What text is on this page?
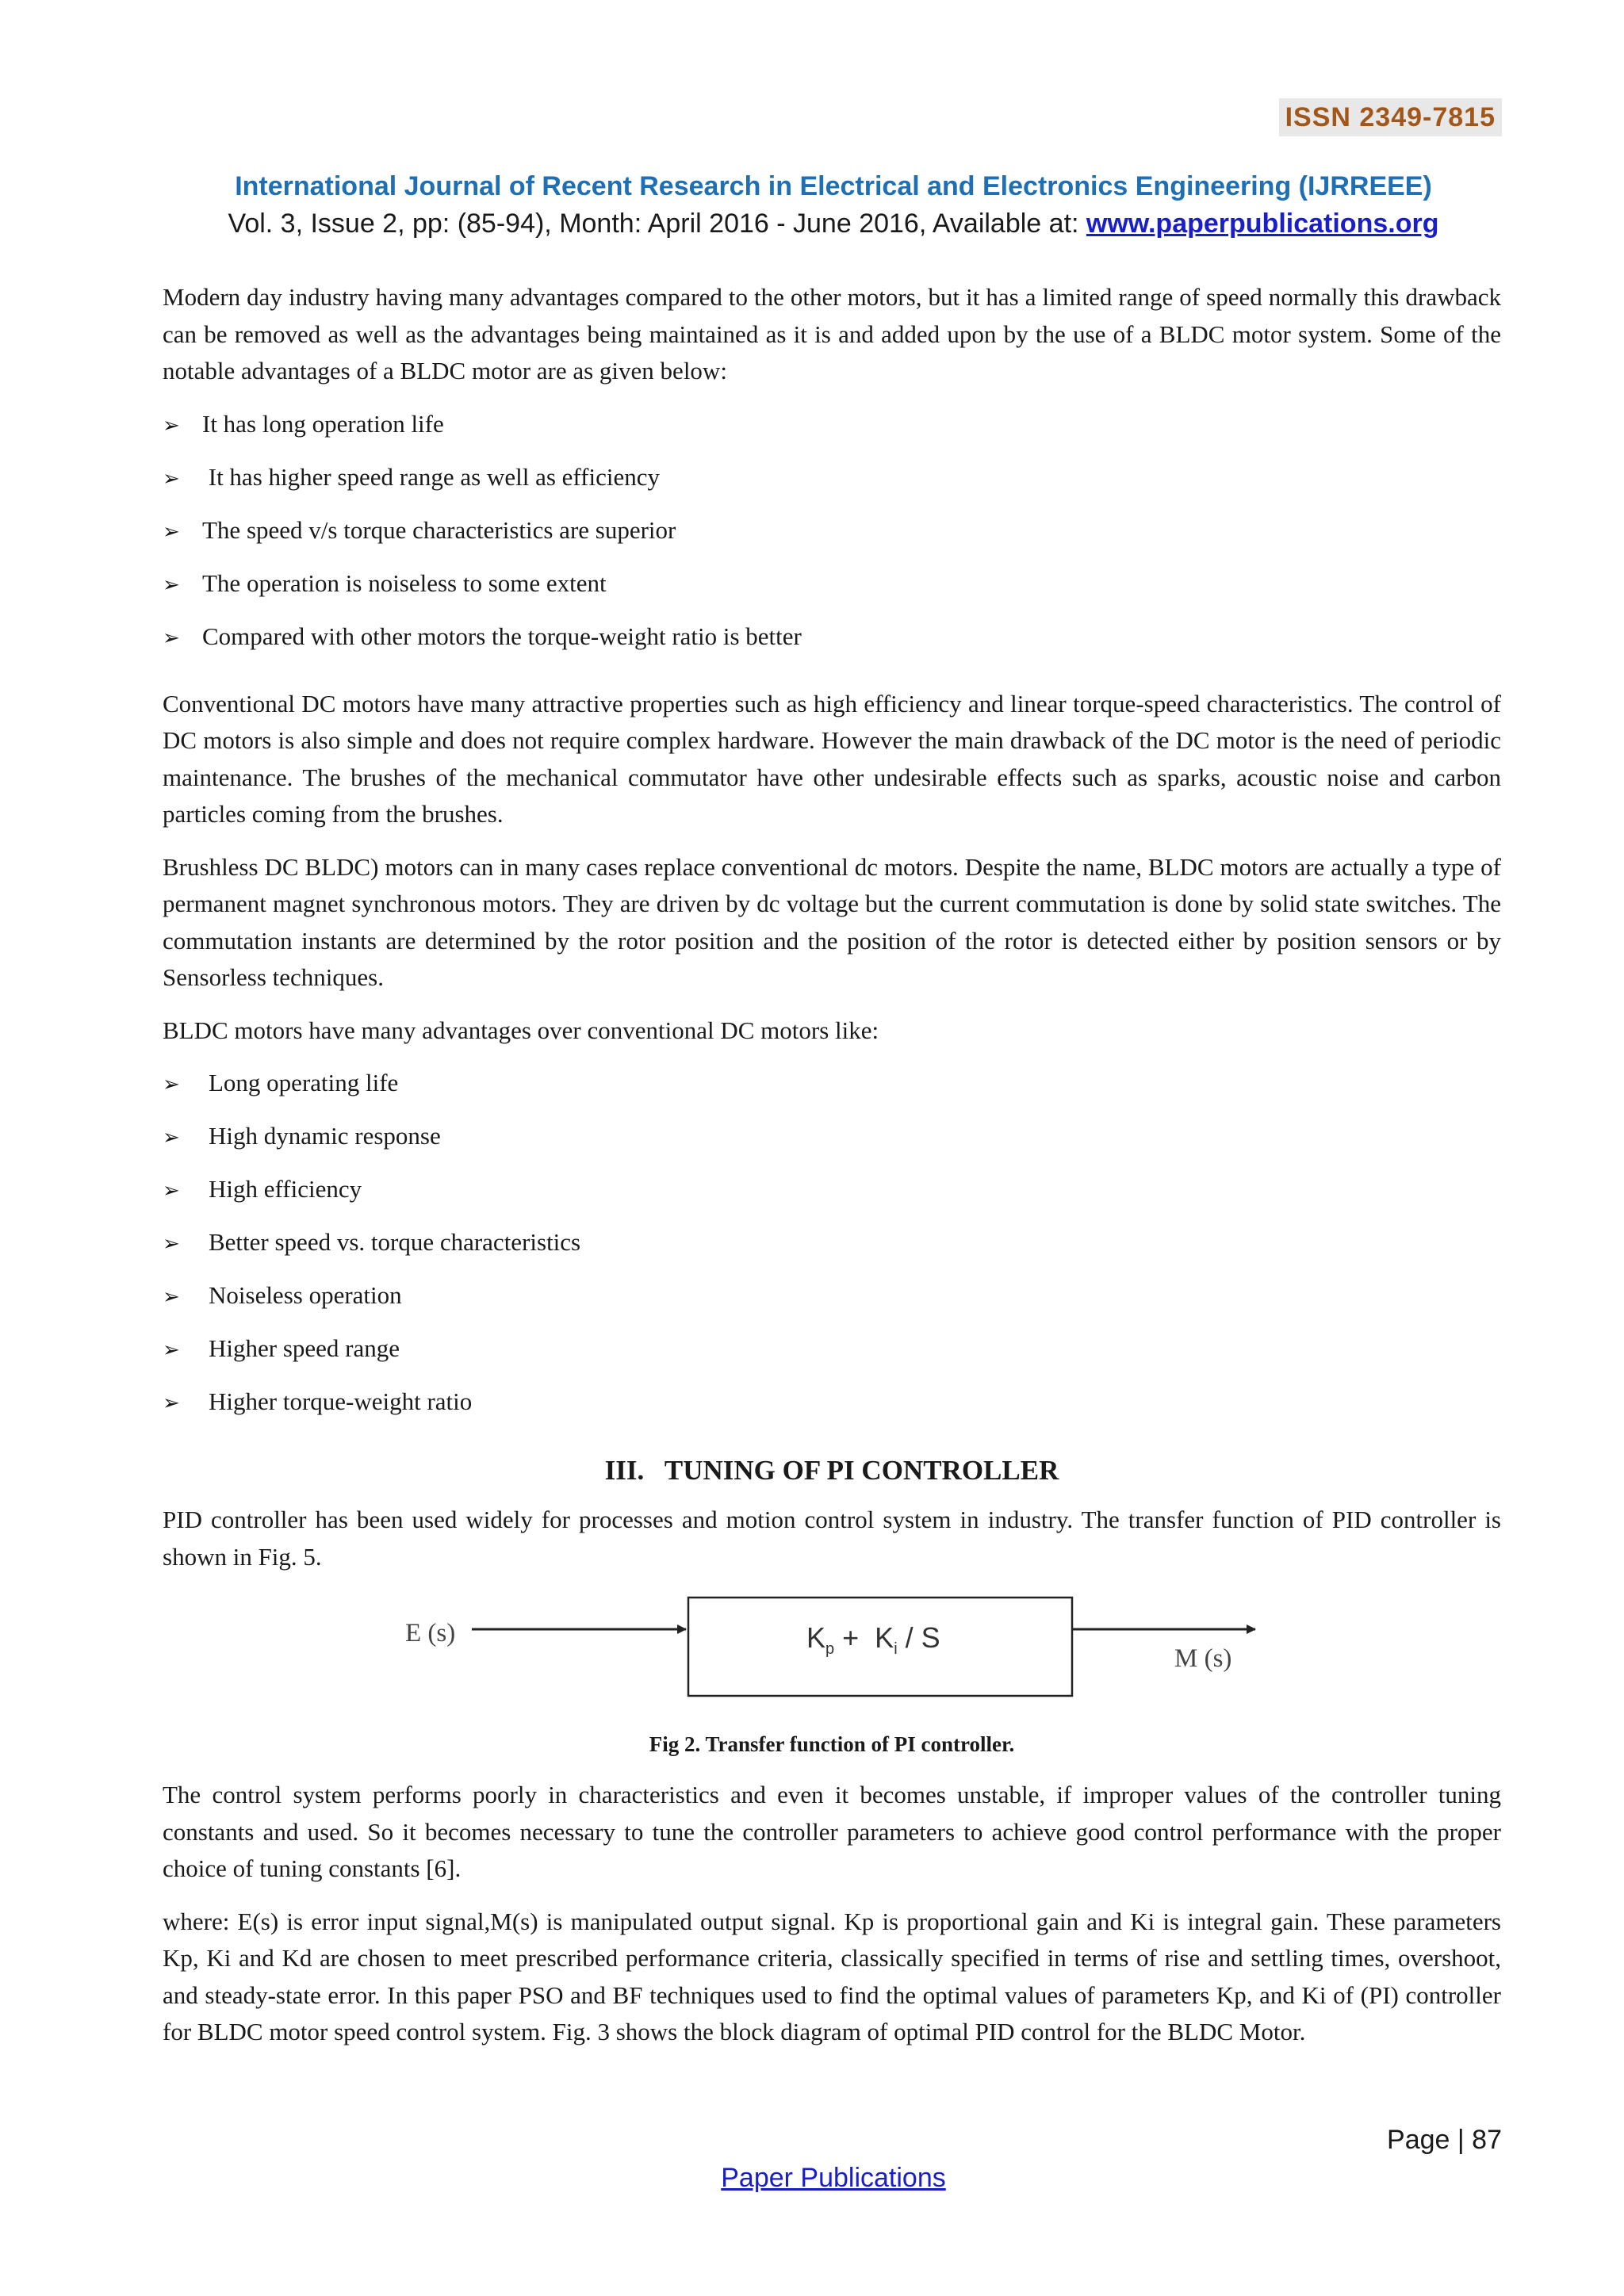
ISSN 2349-7815
International Journal of Recent Research in Electrical and Electronics Engineering (IJRREEE)
Vol. 3, Issue 2, pp: (85-94), Month: April 2016 - June 2016, Available at: www.paperpublications.org

Modern day industry having many advantages compared to the other motors, but it has a limited range of speed normally this drawback can be removed as well as the advantages being maintained as it is and added upon by the use of a BLDC motor system. Some of the notable advantages of a BLDC motor are as given below:

➢ It has long operation life
➢ It has higher speed range as well as efficiency
➢ The speed v/s torque characteristics are superior
➢ The operation is noiseless to some extent
➢ Compared with other motors the torque-weight ratio is better

Conventional DC motors have many attractive properties such as high efficiency and linear torque-speed characteristics. The control of DC motors is also simple and does not require complex hardware. However the main drawback of the DC motor is the need of periodic maintenance. The brushes of the mechanical commutator have other undesirable effects such as sparks, acoustic noise and carbon particles coming from the brushes.

Brushless DC BLDC) motors can in many cases replace conventional dc motors. Despite the name, BLDC motors are actually a type of permanent magnet synchronous motors. They are driven by dc voltage but the current commutation is done by solid state switches. The commutation instants are determined by the rotor position and the position of the rotor is detected either by position sensors or by Sensorless techniques.

BLDC motors have many advantages over conventional DC motors like:

➢	Long operating life
➢	High dynamic response
➢	High efficiency
➢	Better speed vs. torque characteristics
➢	Noiseless operation
➢	Higher speed range
➢	Higher torque-weight ratio
III.   TUNING OF PI CONTROLLER

PID controller has been used widely for processes and motion control system in industry. The transfer function of PID controller is shown in Fig. 5.

E (s)	$K_p + K_i / S$
M (s)
Fig 2. Transfer function of PI controller.

The control system performs poorly in characteristics and even it becomes unstable, if improper values of the controller tuning constants and used. So it becomes necessary to tune the controller parameters to achieve good control performance with the proper choice of tuning constants [6].

where: E(s) is error input signal,M(s) is manipulated output signal. Kp is proportional gain and Ki is integral gain. These parameters Kp, Ki and Kd are chosen to meet prescribed performance criteria, classically specified in terms of rise and settling times, overshoot, and steady-state error. In this paper PSO and BF techniques used to find the optimal values of parameters Kp, and Ki of (PI) controller for BLDC motor speed control system. Fig. 3 shows the block diagram of optimal PID control for the BLDC Motor.

Page | 87
Paper Publications
